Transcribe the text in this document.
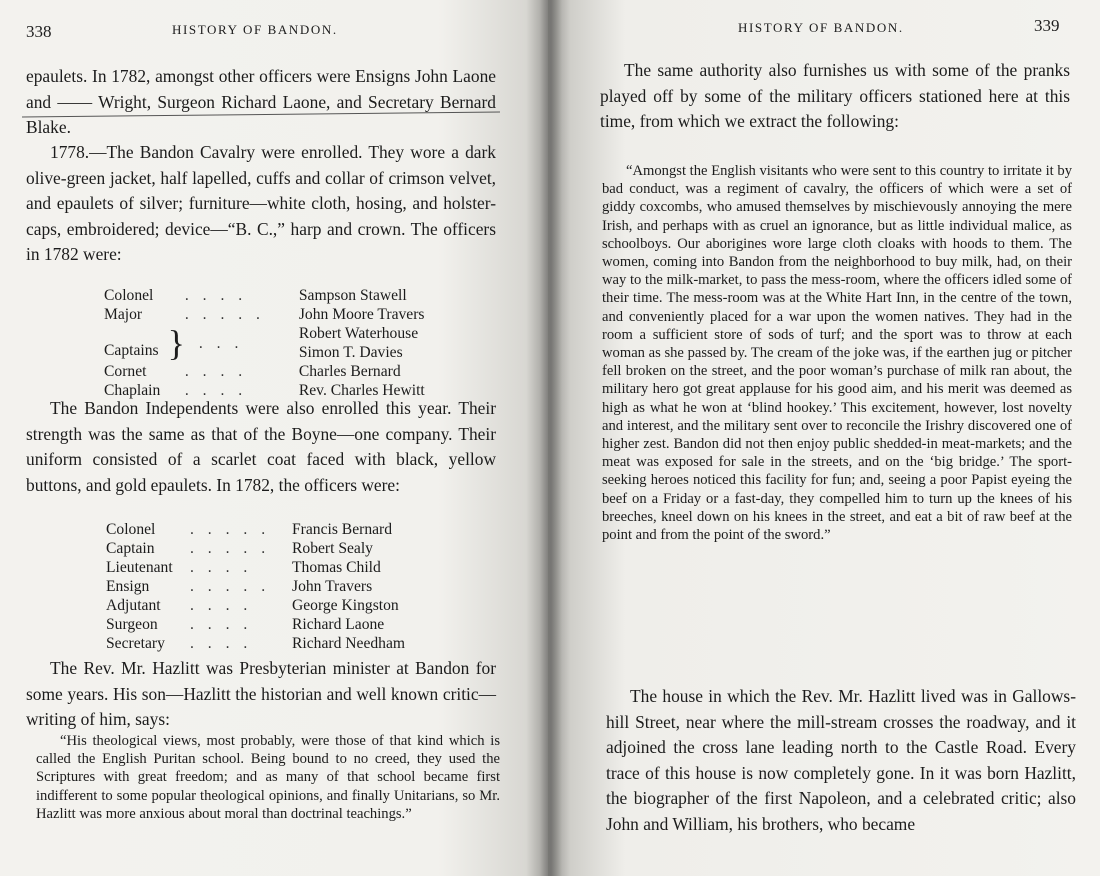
338	HISTORY OF BANDON.

epaulets. In 1782, amongst other officers were Ensigns John Laone and —— Wright, Surgeon Richard Laone, and Secretary Bernard Blake.

1778.—The Bandon Cavalry were enrolled. They wore a dark olive-green jacket, half lapelled, cuffs and collar of crimson velvet, and epaulets of silver; furniture—white cloth, hosing, and holster-caps, embroidered; device—“B. C.,” harp and crown. The officers in 1782 were:

Colonel	. . . .	Sampson Stawell
Major	. . . . .	John Moore Travers
Captains }	. . .	Robert Waterhouse
		Simon T. Davies
Cornet	. . . .	Charles Bernard
Chaplain	. . . .	Rev. Charles Hewitt

The Bandon Independents were also enrolled this year. Their strength was the same as that of the Boyne—one company. Their uniform consisted of a scarlet coat faced with black, yellow buttons, and gold epaulets. In 1782, the officers were:

Colonel	. . . . .	Francis Bernard
Captain	. . . . .	Robert Sealy
Lieutenant	. . . .	Thomas Child
Ensign	. . . . .	John Travers
Adjutant	. . . .	George Kingston
Surgeon	. . . .	Richard Laone
Secretary	. . . .	Richard Needham

The Rev. Mr. Hazlitt was Presbyterian minister at Bandon for some years. His son—Hazlitt the historian and well known critic—writing of him, says:

“His theological views, most probably, were those of that kind which is called the English Puritan school. Being bound to no creed, they used the Scriptures with great freedom; and as many of that school became first indifferent to some popular theological opinions, and finally Unitarians, so Mr. Hazlitt was more anxious about moral than doctrinal teachings.”

HISTORY OF BANDON.	339

The same authority also furnishes us with some of the pranks played off by some of the military officers stationed here at this time, from which we extract the following:

“Amongst the English visitants who were sent to this country to irritate it by bad conduct, was a regiment of cavalry, the officers of which were a set of giddy coxcombs, who amused themselves by mischievously annoying the mere Irish, and perhaps with as cruel an ignorance, but as little individual malice, as schoolboys. Our aborigines wore large cloth cloaks with hoods to them. The women, coming into Bandon from the neighborhood to buy milk, had, on their way to the milk-market, to pass the mess-room, where the officers idled some of their time. The mess-room was at the White Hart Inn, in the centre of the town, and conveniently placed for a war upon the women natives. They had in the room a sufficient store of sods of turf; and the sport was to throw at each woman as she passed by. The cream of the joke was, if the earthen jug or pitcher fell broken on the street, and the poor woman’s purchase of milk ran about, the military hero got great applause for his good aim, and his merit was deemed as high as what he won at ‘blind hookey.’ This excitement, however, lost novelty and interest, and the military sent over to reconcile the Irishry discovered one of higher zest. Bandon did not then enjoy public shedded-in meat-markets; and the meat was exposed for sale in the streets, and on the ‘big bridge.’ The sport-seeking heroes noticed this facility for fun; and, seeing a poor Papist eyeing the beef on a Friday or a fast-day, they compelled him to turn up the knees of his breeches, kneel down on his knees in the street, and eat a bit of raw beef at the point and from the point of the sword.”

The house in which the Rev. Mr. Hazlitt lived was in Gallows-hill Street, near where the mill-stream crosses the roadway, and it adjoined the cross lane leading north to the Castle Road. Every trace of this house is now completely gone. In it was born Hazlitt, the biographer of the first Napoleon, and a celebrated critic; also John and William, his brothers, who became
